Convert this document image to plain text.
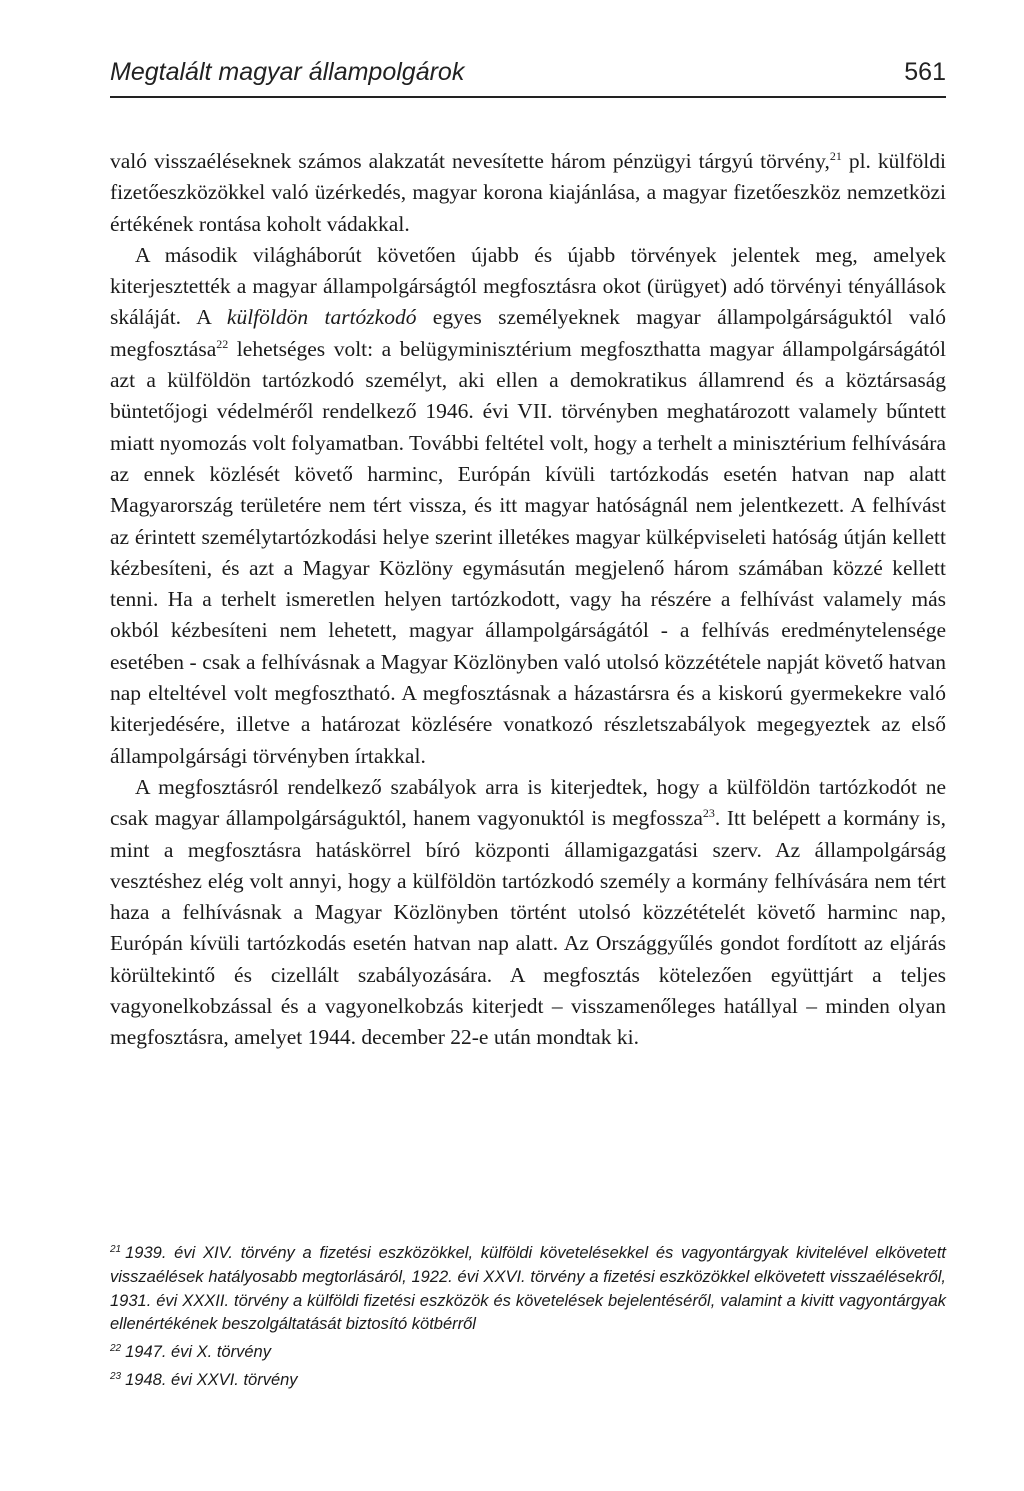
Megtalált magyar állampolgárok	561

való visszaéléseknek számos alakzatát nevesítette három pénzügyi tárgyú törvény,$^{21}$ pl. külföldi fizetőeszközökkel való üzérkedés, magyar korona kiajánlása, a magyar fizetőeszköz nemzetközi értékének rontása koholt vádakkal.

A második világháborút követően újabb és újabb törvények jelentek meg, amelyek kiterjesztették a magyar állampolgárságtól megfosztásra okot (ürügyet) adó törvényi tényállások skáláját. A külföldön tartózkodó egyes személyeknek magyar állampolgárságuktól való megfosztása$^{22}$ lehetséges volt: a belügyminisztérium megfoszthatta magyar állampolgárságától azt a külföldön tartózkodó személyt, aki ellen a demokratikus államrend és a köztársaság büntetőjogi védelméről rendelkező 1946. évi VII. törvényben meghatározott valamely bűntett miatt nyomozás volt folyamatban. További feltétel volt, hogy a terhelt a minisztérium felhívására az ennek közlését követő harminc, Európán kívüli tartózkodás esetén hatvan nap alatt Magyarország területére nem tért vissza, és itt magyar hatóságnál nem jelentkezett. A felhívást az érintett személytartózkodási helye szerint illetékes magyar külképviseleti hatóság útján kellett kézbesíteni, és azt a Magyar Közlöny egymásután megjelenő három számában közzé kellett tenni. Ha a terhelt ismeretlen helyen tartózkodott, vagy ha részére a felhívást valamely más okból kézbesíteni nem lehetett, magyar állampolgárságától - a felhívás eredménytelensége esetében - csak a felhívásnak a Magyar Közlönyben való utolsó közzététele napját követő hatvan nap elteltével volt megfosztható. A megfosztásnak a házastársra és a kiskorú gyermekekre való kiterjedésére, illetve a határozat közlésére vonatkozó részletszabályok megegyeztek az első állampolgársági törvényben írtakkal.

A megfosztásról rendelkező szabályok arra is kiterjedtek, hogy a külföldön tartózkodót ne csak magyar állampolgárságuktól, hanem vagyonuktól is megfossza$^{23}$. Itt belépett a kormány is, mint a megfosztásra hatáskörrel bíró központi államigazgatási szerv. Az állampolgárság vesztéshez elég volt annyi, hogy a külföldön tartózkodó személy a kormány felhívására nem tért haza a felhívásnak a Magyar Közlönyben történt utolsó közzétételét követő harminc nap, Európán kívüli tartózkodás esetén hatvan nap alatt. Az Országgyűlés gondot fordított az eljárás körültekintő és cizellált szabályozására. A megfosztás kötelezően együttjárt a teljes vagyonelkobzással és a vagyonelkobzás kiterjedt – visszamenőleges hatállyal – minden olyan megfosztásra, amelyet 1944. december 22-e után mondtak ki.

$^{21}$ 1939. évi XIV. törvény a fizetési eszközökkel, külföldi követelésekkel és vagyontárgyak kivitelével elkövetett visszaélések hatályosabb megtorlásáról, 1922. évi XXVI. törvény a fizetési eszközökkel elkövetett visszaélésekről, 1931. évi XXXII. törvény a külföldi fizetési eszközök és követelések bejelentéséről, valamint a kivitt vagyontárgyak ellenértékének beszolgáltatását biztosító kötbérről

$^{22}$ 1947. évi X. törvény

$^{23}$ 1948. évi XXVI. törvény
